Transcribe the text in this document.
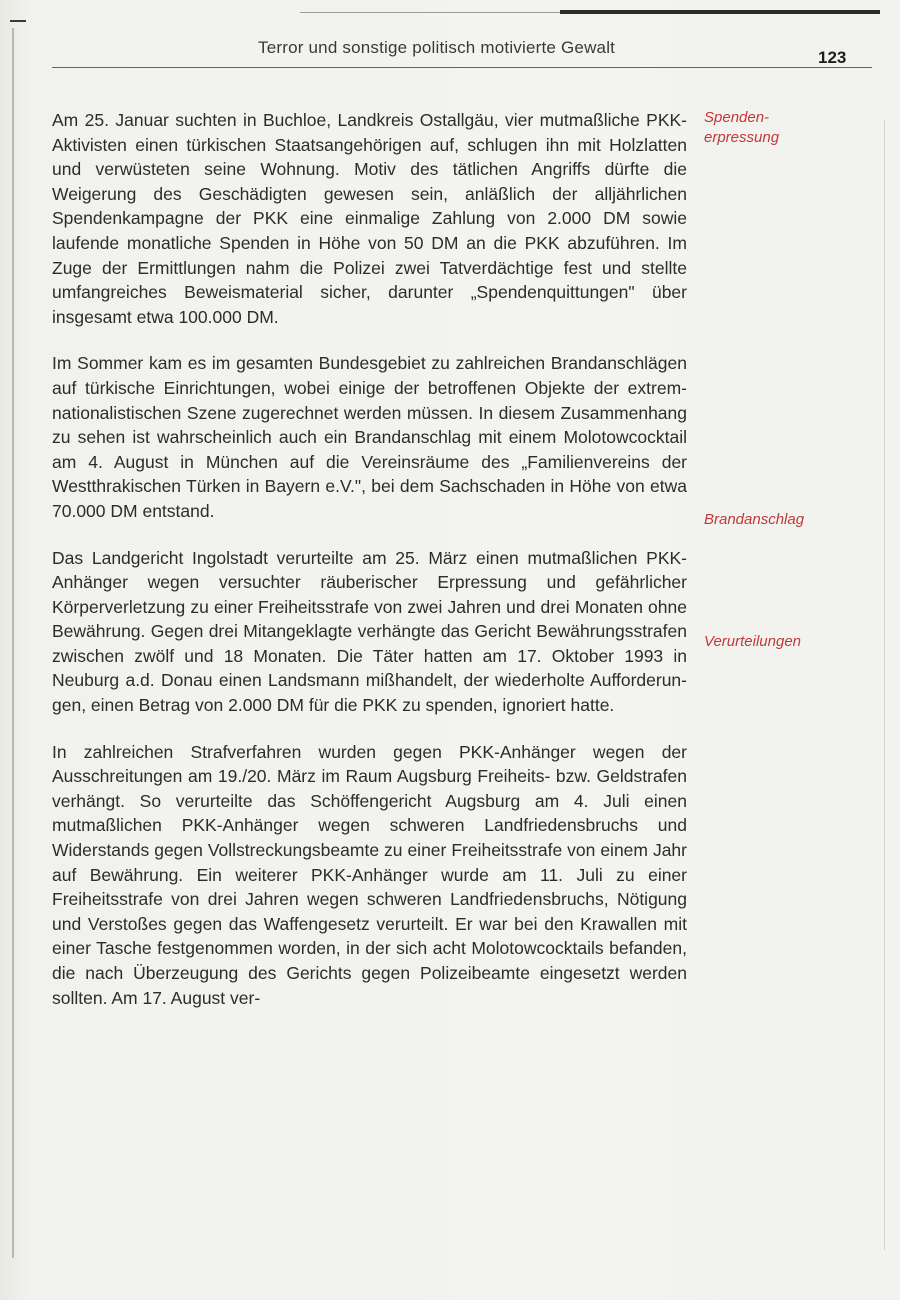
Terror und sonstige politisch motivierte Gewalt
123

Am 25. Januar suchten in Buchloe, Landkreis Ostallgäu, vier mutmaßliche PKK-Aktivisten einen türkischen Staatsangehörigen auf, schlugen ihn mit Holzlatten und verwüsteten seine Wohnung. Motiv des tätlichen Angriffs dürfte die Weigerung des Geschädigten gewesen sein, anläßlich der alljährlichen Spendenkampagne der PKK eine einmalige Zahlung von 2.000 DM sowie laufende monatliche Spenden in Höhe von 50 DM an die PKK abzuführen. Im Zuge der Ermittlungen nahm die Polizei zwei Tatverdächtige fest und stellte umfangreiches Beweismaterial sicher, darunter „Spendenquittungen" über insgesamt etwa 100.000 DM.

Im Sommer kam es im gesamten Bundesgebiet zu zahlreichen Brandanschlägen auf türkische Einrichtungen, wobei einige der betroffenen Objekte der extrem-nationalistischen Szene zugerechnet werden müssen. In diesem Zusammenhang zu sehen ist wahrscheinlich auch ein Brandanschlag mit einem Molotowcocktail am 4. August in München auf die Vereinsräume des „Familienvereins der Westthrakischen Türken in Bayern e.V.", bei dem Sachschaden in Höhe von etwa 70.000 DM entstand.

Das Landgericht Ingolstadt verurteilte am 25. März einen mutmaßlichen PKK-Anhänger wegen versuchter räuberischer Erpressung und gefährlicher Körperverletzung zu einer Freiheitsstrafe von zwei Jahren und drei Monaten ohne Bewährung. Gegen drei Mitangeklagte verhängte das Gericht Bewährungsstrafen zwischen zwölf und 18 Monaten. Die Täter hatten am 17. Oktober 1993 in Neuburg a.d. Donau einen Landsmann mißhandelt, der wiederholte Aufforderungen, einen Betrag von 2.000 DM für die PKK zu spenden, ignoriert hatte.

In zahlreichen Strafverfahren wurden gegen PKK-Anhänger wegen der Ausschreitungen am 19./20. März im Raum Augsburg Freiheits- bzw. Geldstrafen verhängt. So verurteilte das Schöffengericht Augsburg am 4. Juli einen mutmaßlichen PKK-Anhänger wegen schweren Landfriedensbruchs und Widerstands gegen Vollstreckungsbeamte zu einer Freiheitsstrafe von einem Jahr auf Bewährung. Ein weiterer PKK-Anhänger wurde am 11. Juli zu einer Freiheitsstrafe von drei Jahren wegen schweren Landfriedensbruchs, Nötigung und Verstoßes gegen das Waffengesetz verurteilt. Er war bei den Krawallen mit einer Tasche festgenommen worden, in der sich acht Molotowcocktails befanden, die nach Überzeugung des Gerichts gegen Polizeibeamte eingesetzt werden sollten. Am 17. August ver-

Spenden-
erpressung
Brandanschlag
Verurteilungen
